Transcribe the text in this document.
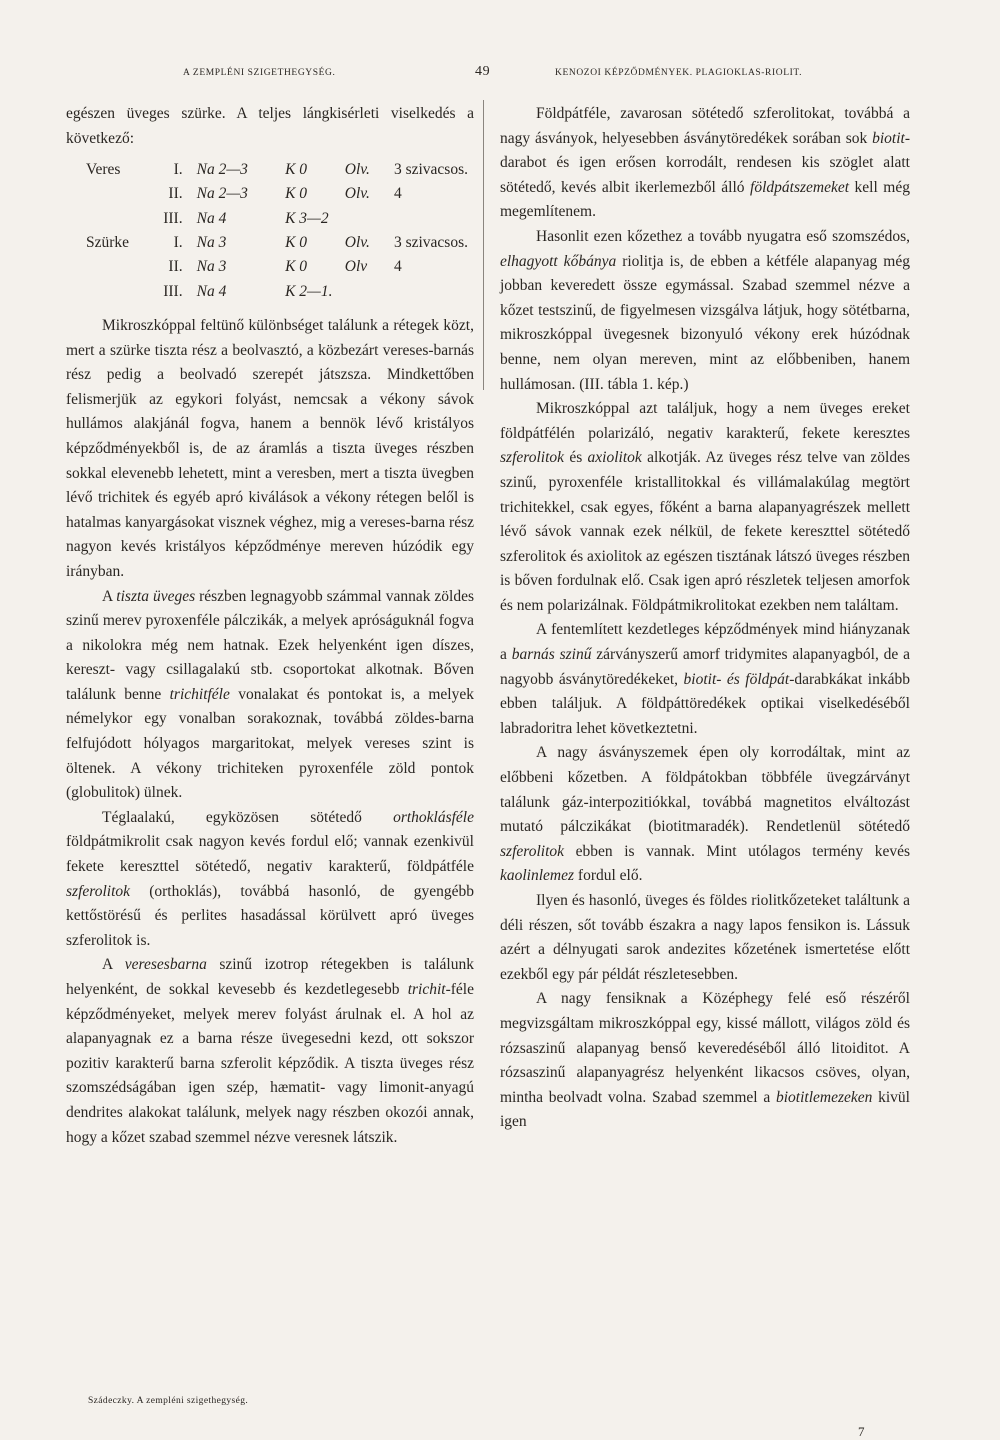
A ZEMPLÉNI SZIGETHEGYSÉG.	49	KENOZOI KÉPZŐDMÉNYEK. PLAGIOKLAS-RIOLIT.

egészen üveges szürke. A teljes lángkisérleti viselkedés a következő:

Veres	I.	Na 2—3	K 0	Olv.	3 szivacsos.
	II.	Na 2—3	K 0	Olv.	4
	III.	Na 4	K 3—2		
Szürke	I.	Na 3	K 0	Olv.	3 szivacsos.
	II.	Na 3	K 0	Olv	4
	III.	Na 4	K 2—1.		

Mikroszkóppal feltünő különbséget találunk a rétegek közt, mert a szürke tiszta rész a beolvasztó, a közbezárt vereses-barnás rész pedig a beolvadó szerepét játszsza. Mindkettőben felismerjük az egykori folyást, nemcsak a vékony sávok hullámos alakjánál fogva, hanem a bennök lévő kristályos képződményekből is, de az áramlás a tiszta üveges részben sokkal elevenebb lehetett, mint a veresben, mert a tiszta üvegben lévő trichitek és egyéb apró kiválások a vékony rétegen belől is hatalmas kanyargásokat visznek véghez, mig a vereses-barna rész nagyon kevés kristályos képződménye mereven húzódik egy irányban.

A tiszta üveges részben legnagyobb számmal vannak zöldes szinű merev pyroxenféle pálczikák, a melyek apróságuknál fogva a nikolokra még nem hatnak. Ezek helyenként igen díszes, kereszt- vagy csillagalakú stb. csoportokat alkotnak. Bőven találunk benne trichitféle vonalakat és pontokat is, a melyek némelykor egy vonalban sorakoznak, továbbá zöldes-barna felfujódott hólyagos margaritokat, melyek vereses szint is öltenek. A vékony trichiteken pyroxenféle zöld pontok (globulitok) ülnek.

Téglaalakú, egyközösen sötétedő orthoklásféle földpátmikrolit csak nagyon kevés fordul elő; vannak ezenkivül fekete kereszttel sötétedő, negativ karakterű, földpátféle szferolitok (orthoklás), továbbá hasonló, de gyengébb kettőstörésű és perlites hasadással körülvett apró üveges szferolitok is.

A veresesbarna szinű izotrop rétegekben is találunk helyenként, de sokkal kevesebb és kezdetlegesebb trichit-féle képződményeket, melyek merev folyást árulnak el. A hol az alapanyagnak ez a barna része üvegesedni kezd, ott sokszor pozitiv karakterű barna szferolit képződik. A tiszta üveges rész szomszédságában igen szép, hæmatit- vagy limonit-anyagú dendrites alakokat találunk, melyek nagy részben okozói annak, hogy a kőzet szabad szemmel nézve veresnek látszik.

Földpátféle, zavarosan sötétedő szferolitokat, továbbá a nagy ásványok, helyesebben ásványtöredékek sorában sok biotit-darabot és igen erősen korrodált, rendesen kis szöglet alatt sötétedő, kevés albit ikerlemezből álló földpátszemeket kell még megemlítenem.

Hasonlit ezen kőzethez a tovább nyugatra eső szomszédos, elhagyott kőbánya riolitja is, de ebben a kétféle alapanyag még jobban keveredett össze egymással. Szabad szemmel nézve a kőzet testszinű, de figyelmesen vizsgálva látjuk, hogy sötétbarna, mikroszkóppal üvegesnek bizonyuló vékony erek húzódnak benne, nem olyan mereven, mint az előbbeniben, hanem hullámosan. (III. tábla 1. kép.)

Mikroszkóppal azt találjuk, hogy a nem üveges ereket földpátfélén polarizáló, negativ karakterű, fekete keresztes szferolitok és axiolitok alkotják. Az üveges rész telve van zöldes szinű, pyroxenféle kristallitokkal és villámalakúlag megtört trichitekkel, csak egyes, főként a barna alapanyagrészek mellett lévő sávok vannak ezek nélkül, de fekete kereszttel sötétedő szferolitok és axiolitok az egészen tisztának látszó üveges részben is bőven fordulnak elő. Csak igen apró részletek teljesen amorfok és nem polarizálnak. Földpátmikrolitokat ezekben nem találtam.

A fentemlített kezdetleges képződmények mind hiányzanak a barnás szinű zárványszerű amorf tridymites alapanyagból, de a nagyobb ásványtöredékeket, biotit- és földpát-darabkákat inkább ebben találjuk. A földpáttöredékek optikai viselkedéséből labradoritra lehet következtetni.

A nagy ásványszemek épen oly korrodáltak, mint az előbbeni kőzetben. A földpátokban többféle üvegzárványt találunk gáz-interpozitiókkal, továbbá magnetitos elváltozást mutató pálczikákat (biotitmaradék). Rendetlenül sötétedő szferolitok ebben is vannak. Mint utólagos termény kevés kaolinlemez fordul elő.

Ilyen és hasonló, üveges és földes riolitkőzeteket találtunk a déli részen, sőt tovább északra a nagy lapos fensikon is. Lássuk azért a délnyugati sarok andezites kőzetének ismertetése előtt ezekből egy pár példát részletesebben.

A nagy fensiknak a Középhegy felé eső részéről megvizsgáltam mikroszkóppal egy, kissé mállott, világos zöld és rózsaszinű alapanyag benső keveredéséből álló litoiditot. A rózsaszinű alapanyagrész helyenként likacsos csöves, olyan, mintha beolvadt volna. Szabad szemmel a biotitlemezeken kivül igen

Szádeczky. A zempléni szigethegység.
7
